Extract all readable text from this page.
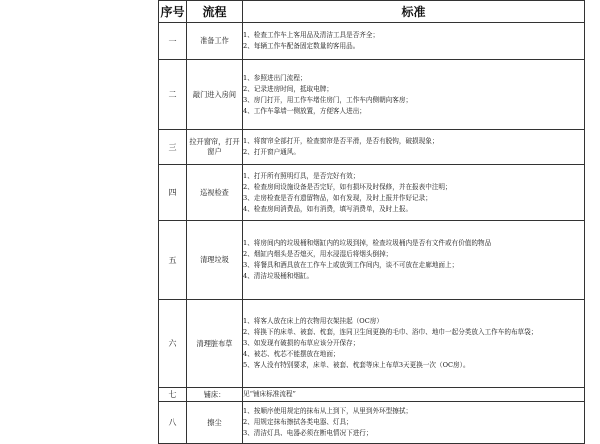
序号	流程	标准
一	准备工作	1、检查工作车上客用品及清洁工具是否齐全；
2、每辆工作车配备固定数量的客用品。

二	敲门进入房间	1、参照进出门流程；
2、记录进房时间，抵取电牌；
3、房门打开，用工作车堵住房门，工作车内侧朝向客房；
4、工作车靠墙一侧放置，方便客人进出；

三	拉开窗帘，打开窗户	1、将窗帘全部打开，检查窗帘是否平滑，是否有脱钩，破损现象；
2、打开窗户通风。

四	巡视检查	1、打开所有照明灯具，是否完好有效；
2、检查房间设施设备是否完好，如有损坏及时保修，并在报表中注明；
3、走房检查是否有遗留物品，如有发现，及时上报并作好记录；
4、检查房间消费品，如有消费，填写消费单，及时上报。

五	清理垃圾	1、将房间内的垃圾桶和烟缸内的垃圾到掉，检查垃圾桶内是否有文件或有价值的物品
2、烟缸内烟头是否熄灭，用水浸湿后将烟头倒掉；
3、将餐具和酒具放在工作车上或放到工作间内，谈不可放在走廊地面上；
4、清洁垃圾桶和烟缸。

六	清理脏布草	1、将客人放在床上的衣物用衣架挂起（OC房）
2、将换下的床单、被套、枕套，连同卫生间更换的毛巾、浴巾、地巾一起分类放入工作车的布草袋；
3、如发现有破损的布草应该分开保存；
4、被芯、枕芯不能摆放在地面；
5、客人没有特别要求，床单、被套、枕套等床上布草3天更换一次（OC房）。

七	铺床：	见“铺床标准流程”

八	擦尘	1、按顺序使用规定的抹布从上到下，从里到外环型擦拭；
2、用规定抹布擦拭各类电器、灯具；
3、清洁灯具、电器必须在断电情况下进行；
